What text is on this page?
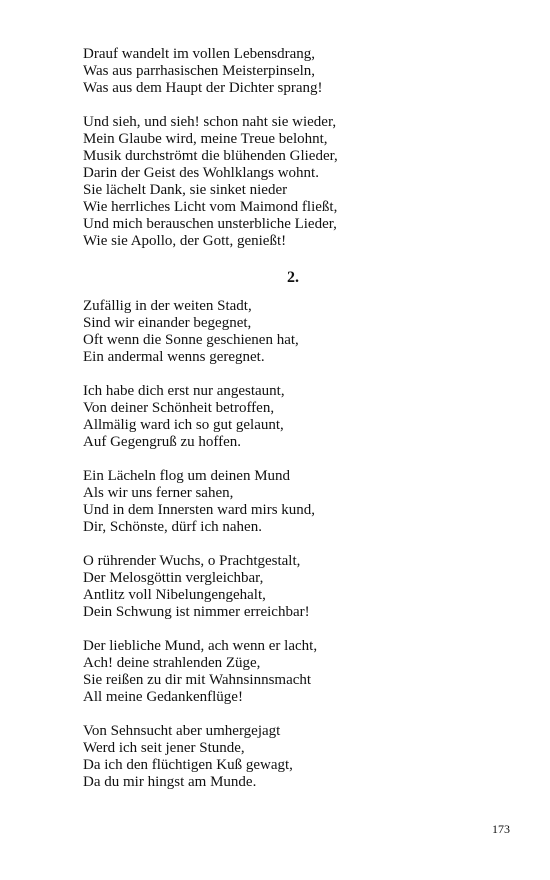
Drauf wandelt im vollen Lebensdrang,
Was aus parrhasischen Meisterpinseln,
Was aus dem Haupt der Dichter sprang!
Und sieh, und sieh! schon naht sie wieder,
Mein Glaube wird, meine Treue belohnt,
Musik durchströmt die blühenden Glieder,
Darin der Geist des Wohlklangs wohnt.
Sie lächelt Dank, sie sinket nieder
Wie herrliches Licht vom Maimond fließt,
Und mich berauschen unsterbliche Lieder,
Wie sie Apollo, der Gott, genießt!
2.
Zufällig in der weiten Stadt,
Sind wir einander begegnet,
Oft wenn die Sonne geschienen hat,
Ein andermal wenns geregnet.
Ich habe dich erst nur angestaunt,
Von deiner Schönheit betroffen,
Allmälig ward ich so gut gelaunt,
Auf Gegengruß zu hoffen.
Ein Lächeln flog um deinen Mund
Als wir uns ferner sahen,
Und in dem Innersten ward mirs kund,
Dir, Schönste, dürf ich nahen.
O rührender Wuchs, o Prachtgestalt,
Der Melosgöttin vergleichbar,
Antlitz voll Nibelungengehalt,
Dein Schwung ist nimmer erreichbar!
Der liebliche Mund, ach wenn er lacht,
Ach! deine strahlenden Züge,
Sie reißen zu dir mit Wahnsinnsmacht
All meine Gedankenflüge!
Von Sehnsucht aber umhergejagt
Werd ich seit jener Stunde,
Da ich den flüchtigen Kuß gewagt,
Da du mir hingst am Munde.
173
